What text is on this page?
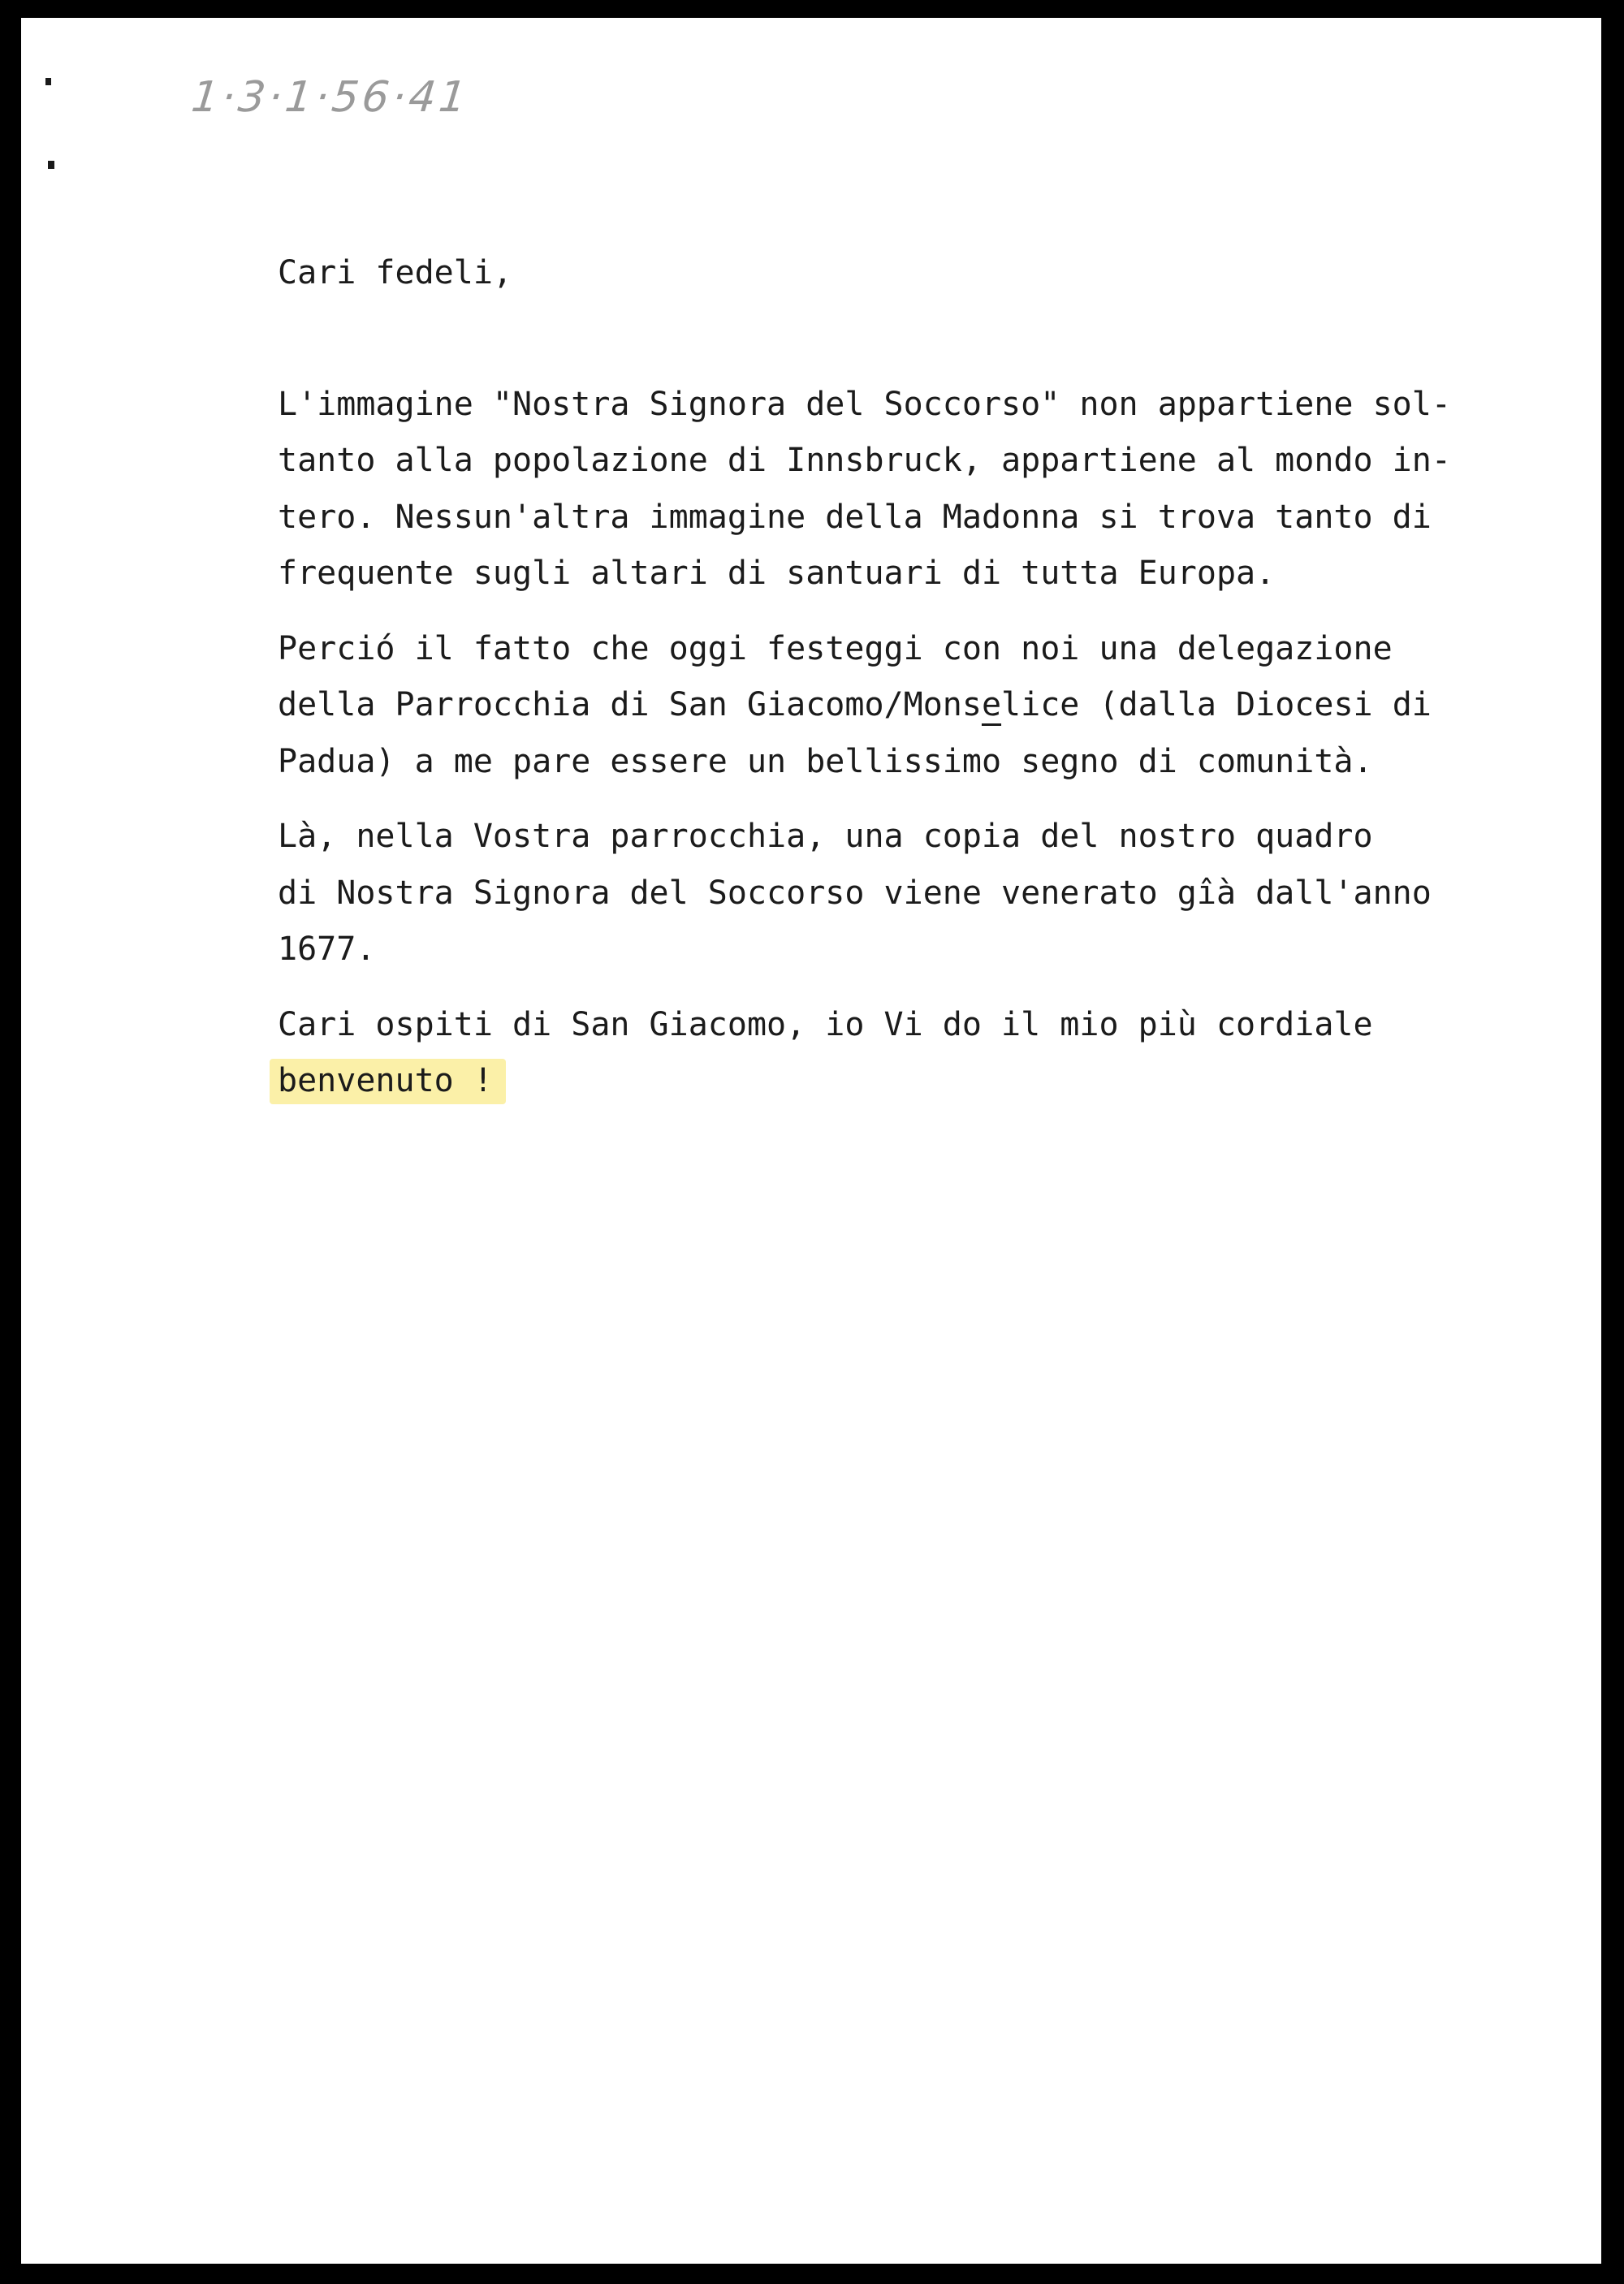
1·3·1·56·41
Cari fedeli,
L'immagine "Nostra Signora del Soccorso" non appartiene sol-
tanto alla popolazione di Innsbruck, appartiene al mondo in-
tero. Nessun'altra immagine della Madonna si trova tanto di
frequente sugli altari di santuari di tutta Europa.
Perció il fatto che oggi festeggi con noi una delegazione
della Parrocchia di San Giacomo/Monselice (dalla Diocesi di
Padua) a me pare essere un bellissimo segno di comunità.
Là, nella Vostra parrocchia, una copia del nostro quadro
di Nostra Signora del Soccorso viene venerato gîà dall'anno
1677.
Cari ospiti di San Giacomo, io Vi do il mio più cordiale
benvenuto !
